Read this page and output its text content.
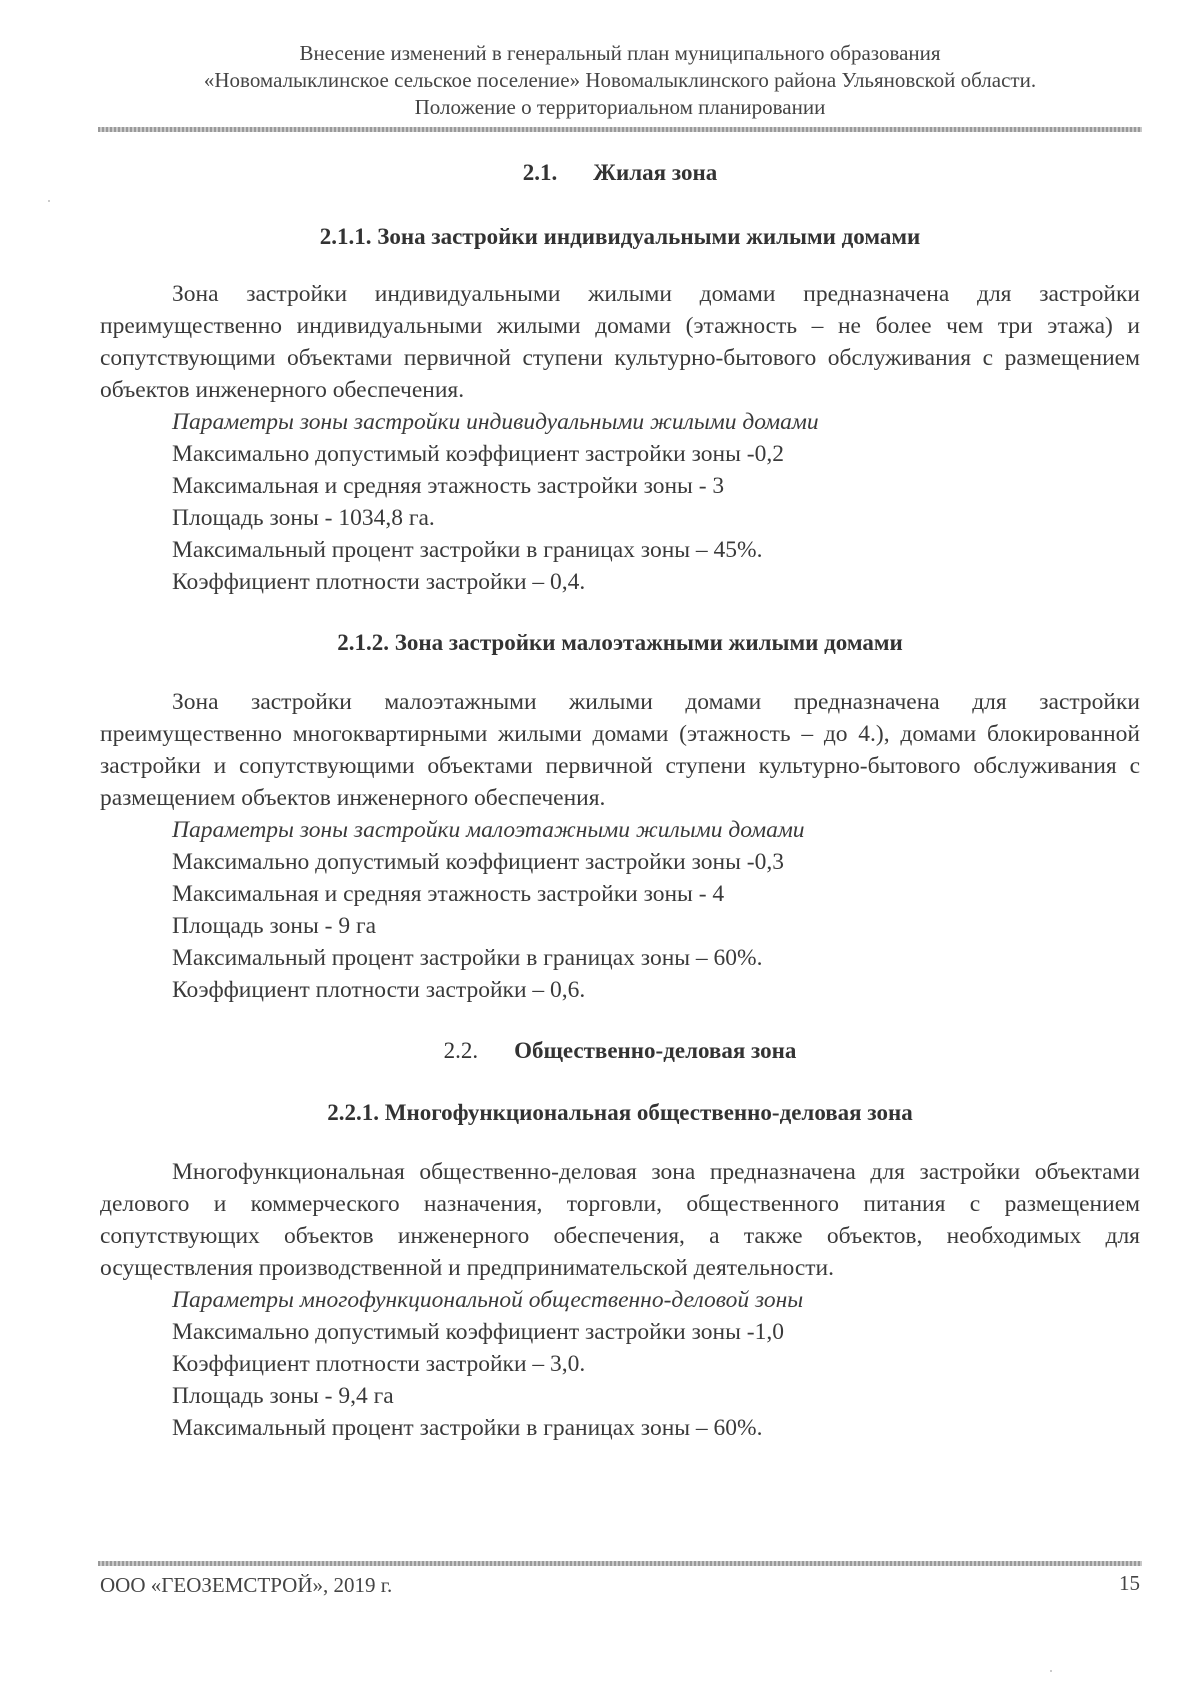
Внесение изменений в генеральный план муниципального образования
«Новомалыклинское сельское поселение» Новомалыклинского района Ульяновской области.
Положение о территориальном планировании
2.1. Жилая зона
2.1.1. Зона застройки индивидуальными жилыми домами

Зона застройки индивидуальными жилыми домами предназначена для застройки преимущественно индивидуальными жилыми домами (этажность – не более чем три этажа) и сопутствующими объектами первичной ступени культурно-бытового обслуживания с размещением объектов инженерного обеспечения.

Параметры зоны застройки индивидуальными жилыми домами
Максимально допустимый коэффициент застройки зоны -0,2
Максимальная и средняя этажность застройки зоны - 3
Площадь зоны - 1034,8 га.
Максимальный процент застройки в границах зоны – 45%.
Коэффициент плотности застройки – 0,4.
2.1.2. Зона застройки малоэтажными жилыми домами

Зона застройки малоэтажными жилыми домами предназначена для застройки преимущественно многоквартирными жилыми домами (этажность – до 4.), домами блокированной застройки и сопутствующими объектами первичной ступени культурно-бытового обслуживания с размещением объектов инженерного обеспечения.

Параметры зоны застройки малоэтажными жилыми домами
Максимально допустимый коэффициент застройки зоны -0,3
Максимальная и средняя этажность застройки зоны - 4
Площадь зоны - 9 га
Максимальный процент застройки в границах зоны – 60%.
Коэффициент плотности застройки – 0,6.
2.2. Общественно-деловая зона
2.2.1. Многофункциональная общественно-деловая зона

Многофункциональная общественно-деловая зона предназначена для застройки объектами делового и коммерческого назначения, торговли, общественного питания с размещением сопутствующих объектов инженерного обеспечения, а также объектов, необходимых для осуществления производственной и предпринимательской деятельности.

Параметры многофункциональной общественно-деловой зоны
Максимально допустимый коэффициент застройки зоны -1,0
Коэффициент плотности застройки – 3,0.
Площадь зоны - 9,4 га
Максимальный процент застройки в границах зоны – 60%.
ООО «ГЕОЗЕМСТРОЙ», 2019 г.	15
